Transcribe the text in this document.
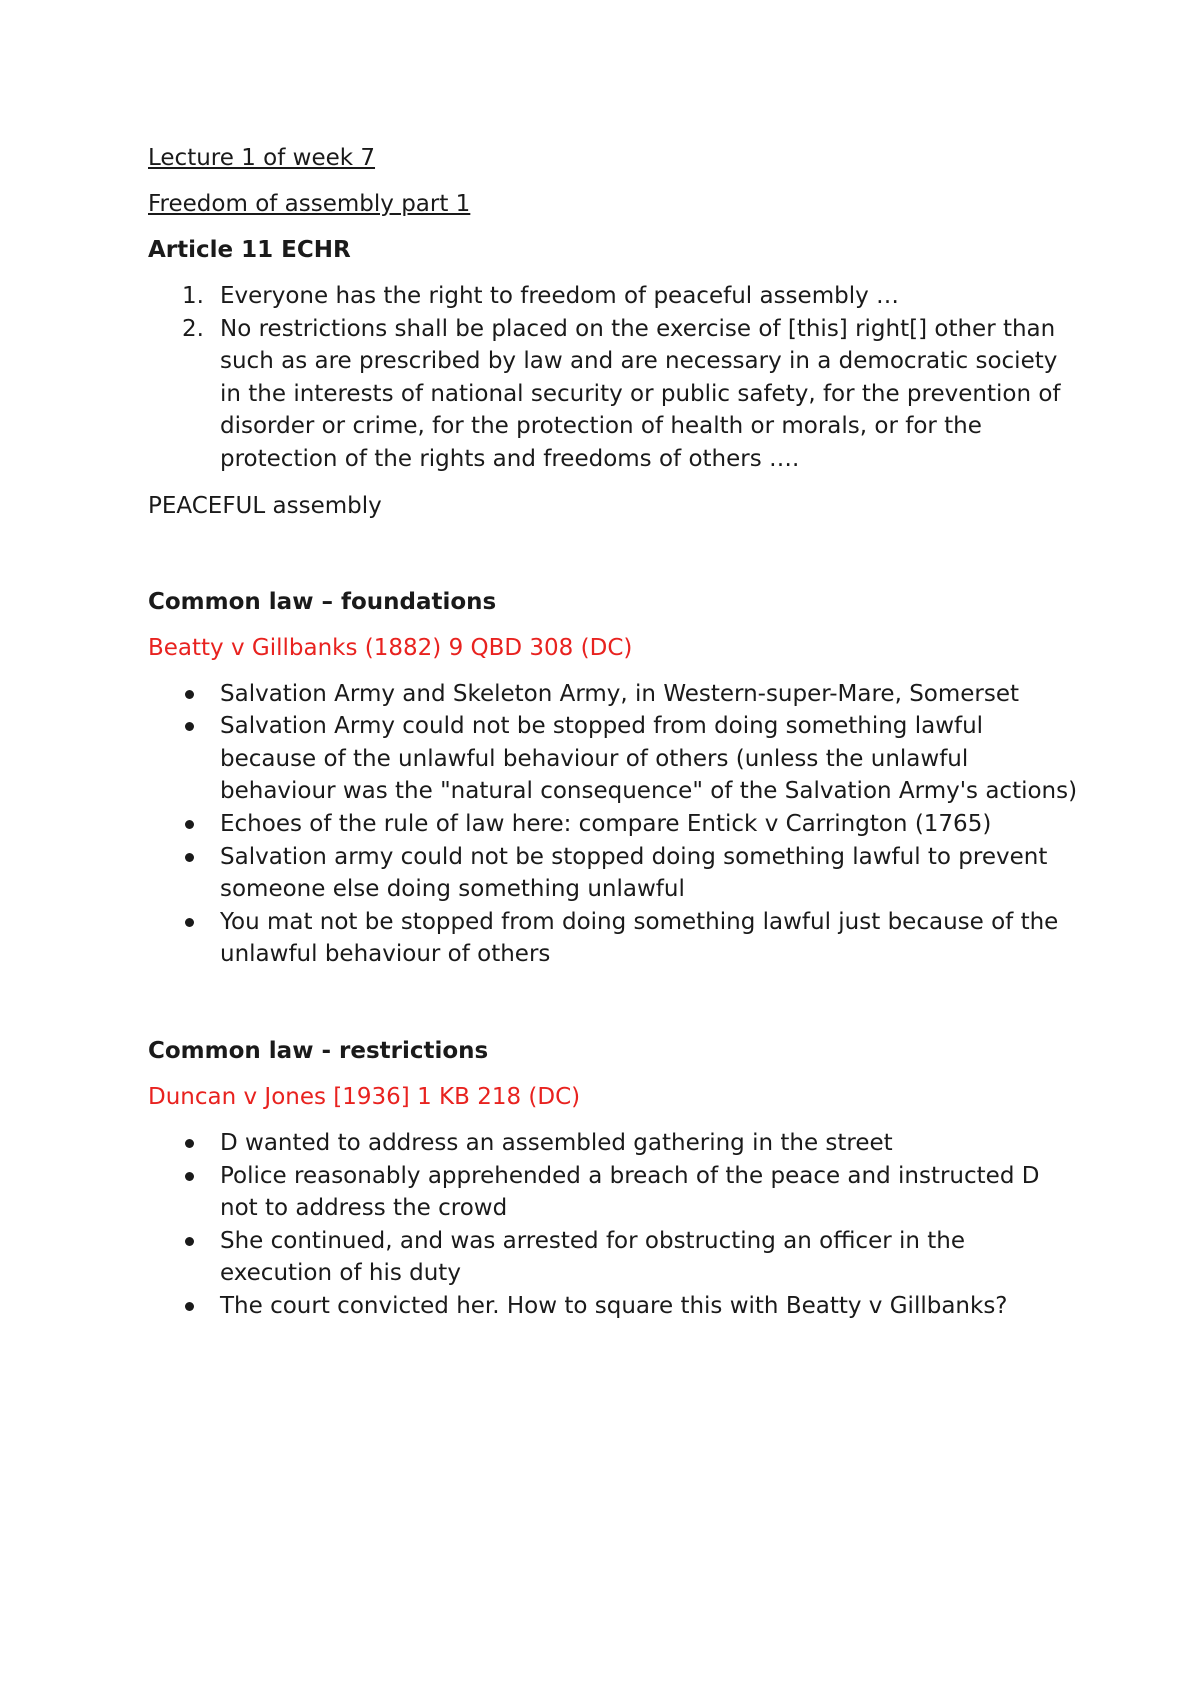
Lecture 1 of week 7

Freedom of assembly part 1

Article 11 ECHR

1. Everyone has the right to freedom of peaceful assembly …
2. No restrictions shall be placed on the exercise of [this] right[] other than such as are prescribed by law and are necessary in a democratic society in the interests of national security or public safety, for the prevention of disorder or crime, for the protection of health or morals, or for the protection of the rights and freedoms of others ….

PEACEFUL assembly

Common law – foundations

Beatty v Gillbanks (1882) 9 QBD 308 (DC)

Salvation Army and Skeleton Army, in Western-super-Mare, Somerset
Salvation Army could not be stopped from doing something lawful because of the unlawful behaviour of others (unless the unlawful behaviour was the "natural consequence" of the Salvation Army's actions)
Echoes of the rule of law here: compare Entick v Carrington (1765)
Salvation army could not be stopped doing something lawful to prevent someone else doing something unlawful
You mat not be stopped from doing something lawful just because of the unlawful behaviour of others

Common law - restrictions

Duncan v Jones [1936] 1 KB 218 (DC)

D wanted to address an assembled gathering in the street
Police reasonably apprehended a breach of the peace and instructed D not to address the crowd
She continued, and was arrested for obstructing an officer in the execution of his duty
The court convicted her. How to square this with Beatty v Gillbanks?
